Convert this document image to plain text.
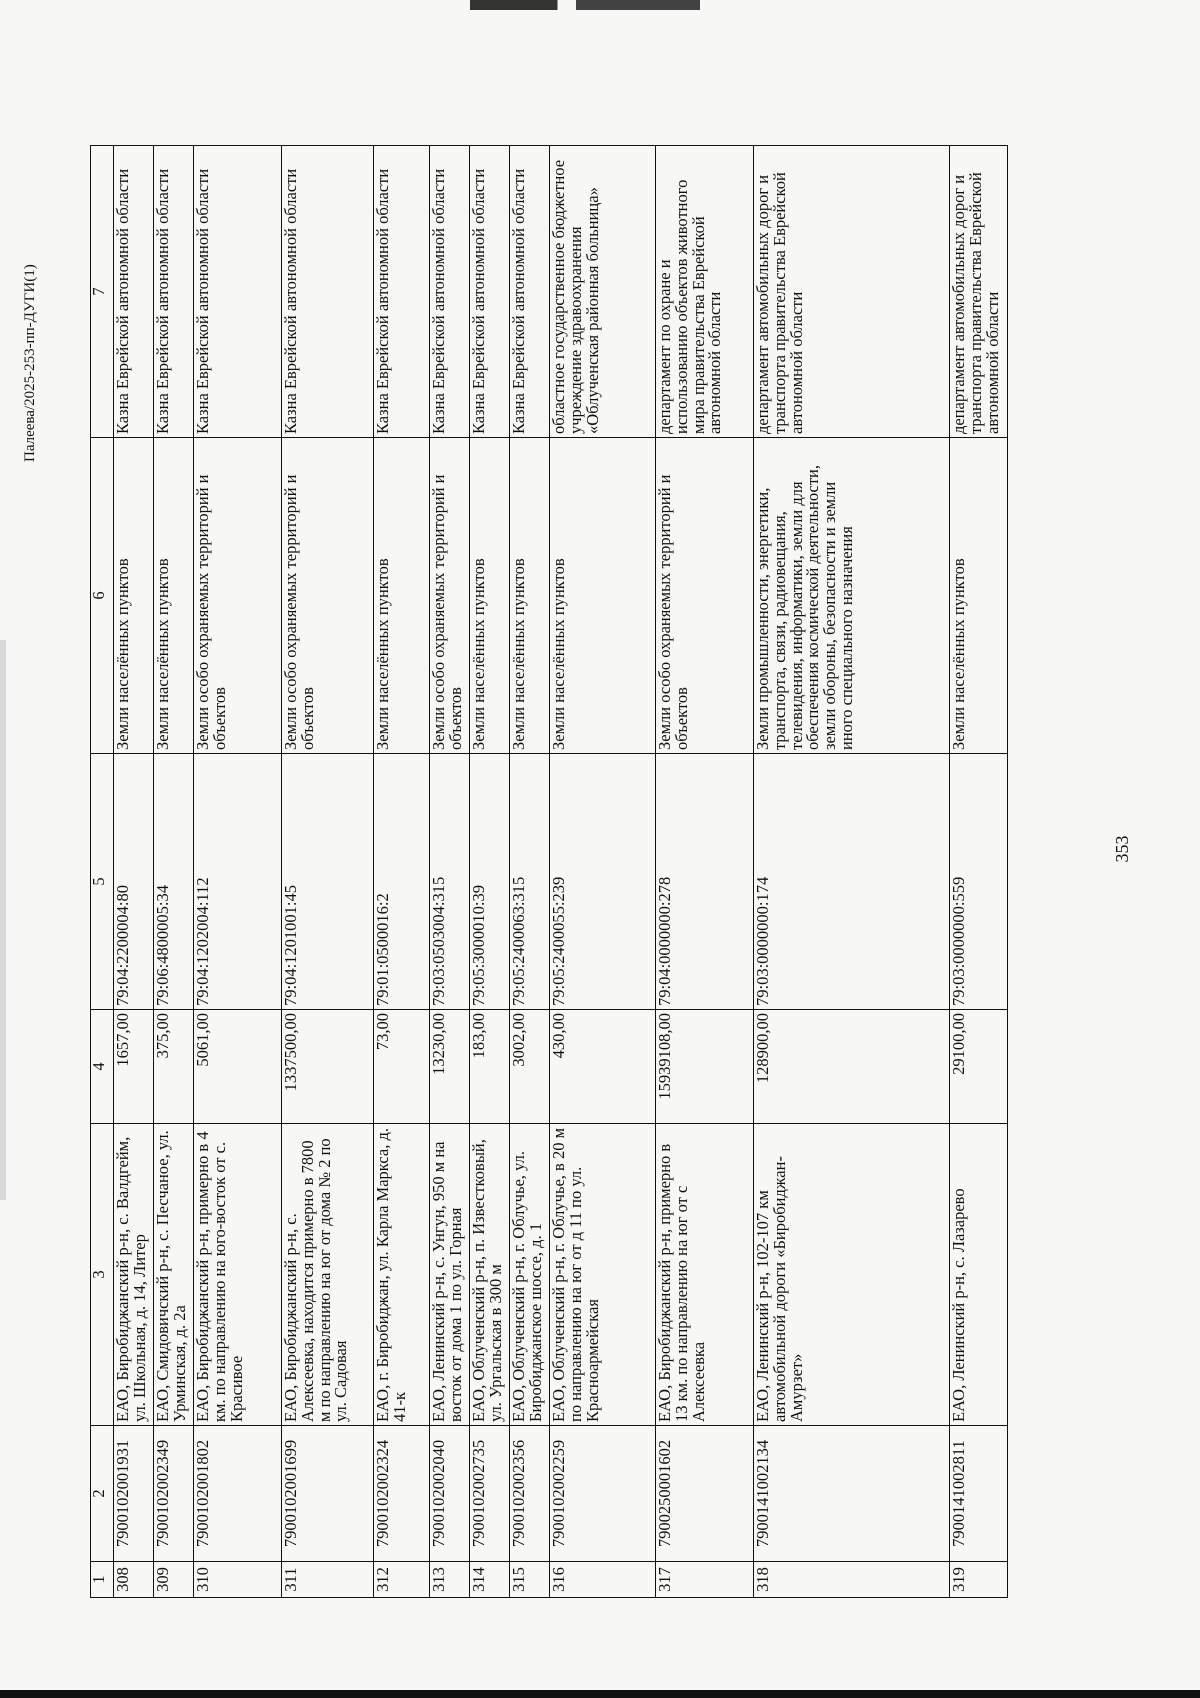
353
Палеева/2025-253-пп-ДУГИ(1)
1	2	3	4	5	6	7
308	7900102001931	ЕАО, Биробиджанский р-н, с. Валдгейм, ул. Школьная, д. 14, Литер	1657,00	79:04:2200004:80	Земли населённых пунктов	Казна Еврейской автономной области
309	7900102002349	ЕАО, Смидовичский р-н, с. Песчаное, ул. Урминская, д. 2а	375,00	79:06:4800005:34	Земли населённых пунктов	Казна Еврейской автономной области
310	7900102001802	ЕАО, Биробиджанский р-н, примерно в 4 км. по направлению на юго-восток от с. Красивое	5061,00	79:04:1202004:112	Земли особо охраняемых территорий и объектов	Казна Еврейской автономной области
311	7900102001699	ЕАО, Биробиджанский р-н, с. Алексеевка, находится примерно в 7800 м по направлению на юг от дома № 2 по ул. Садовая	1337500,00	79:04:1201001:45	Земли особо охраняемых территорий и объектов	Казна Еврейской автономной области
312	7900102002324	ЕАО, г. Биробиджан, ул. Карла Маркса, д. 41-к	73,00	79:01:0500016:2	Земли населённых пунктов	Казна Еврейской автономной области
313	7900102002040	ЕАО, Ленинский р-н, с. Унгун, 950 м на восток от дома 1 по ул. Горная	13230,00	79:03:0503004:315	Земли особо охраняемых территорий и объектов	Казна Еврейской автономной области
314	7900102002735	ЕАО, Облученский р-н, п. Известковый, ул. Ургальская в 300 м	183,00	79:05:3000010:39	Земли населённых пунктов	Казна Еврейской автономной области
315	7900102002356	ЕАО, Облученский р-н, г. Облучье, ул. Биробиджанское шоссе, д. 1	3002,00	79:05:2400063:315	Земли населённых пунктов	Казна Еврейской автономной области
316	7900102002259	ЕАО, Облученский р-н, г. Облучье, в 20 м по направлению на юг от д 11 по ул. Красноармейская	430,00	79:05:2400055:239	Земли населённых пунктов	областное государственное бюджетное учреждение здравоохранения «Облученская районная больница»
317	7900250001602	ЕАО, Биробиджанский р-н, примерно в 13 км. по направлению на юг от с Алексеевка	15939108,00	79:04:0000000:278	Земли особо охраняемых территорий и объектов	департамент по охране и использованию объектов животного мира правительства Еврейской автономной области
318	7900141002134	ЕАО, Ленинский р-н, 102-107 км автомобильной дороги «Биробиджан-Амурзет»	128900,00	79:03:0000000:174	Земли промышленности, энергетики, транспорта, связи, радиовещания, телевидения, информатики, земли для обеспечения космической деятельности, земли обороны, безопасности и земли иного специального назначения	департамент автомобильных дорог и транспорта правительства Еврейской автономной области
319	7900141002811	ЕАО, Ленинский р-н, с. Лазарево	29100,00	79:03:0000000:559	Земли населённых пунктов	департамент автомобильных дорог и транспорта правительства Еврейской автономной области
